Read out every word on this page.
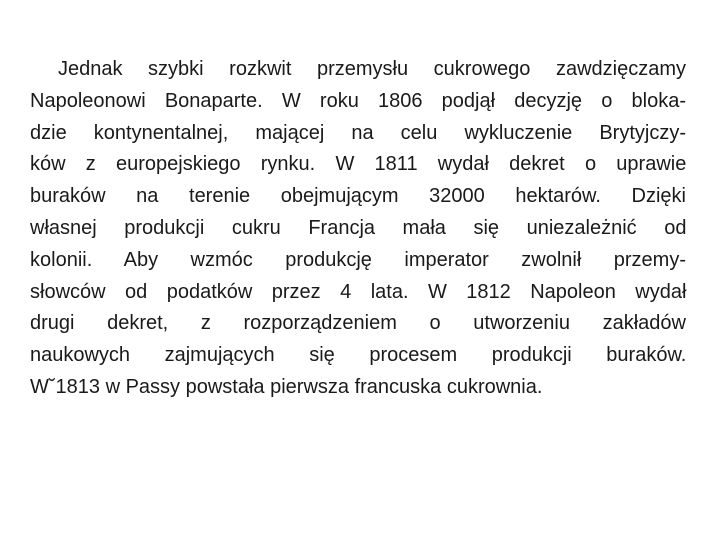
Jednak szybki rozkwit przemysłu cukrowego zawdzięczamy
Napoleonowi Bonaparte. W roku 1806 podjął decyzję o bloka-
dzie kontynentalnej, mającej na celu wykluczenie Brytyjczy-
ków z europejskiego rynku. W 1811 wydał dekret o uprawie
buraków na terenie obejmującym 32000 hektarów. Dzięki
własnej produkcji cukru Francja mała się uniezależnić od
kolonii. Aby wzmóc produkcję imperator zwolnił przemy-
słowców od podatków przez 4 lata. W 1812 Napoleon wydał
drugi dekret, z rozporządzeniem o utworzeniu zakładów
naukowych zajmujących się procesem produkcji buraków.
W˘1813 w Passy powstała pierwsza francuska cukrownia.
